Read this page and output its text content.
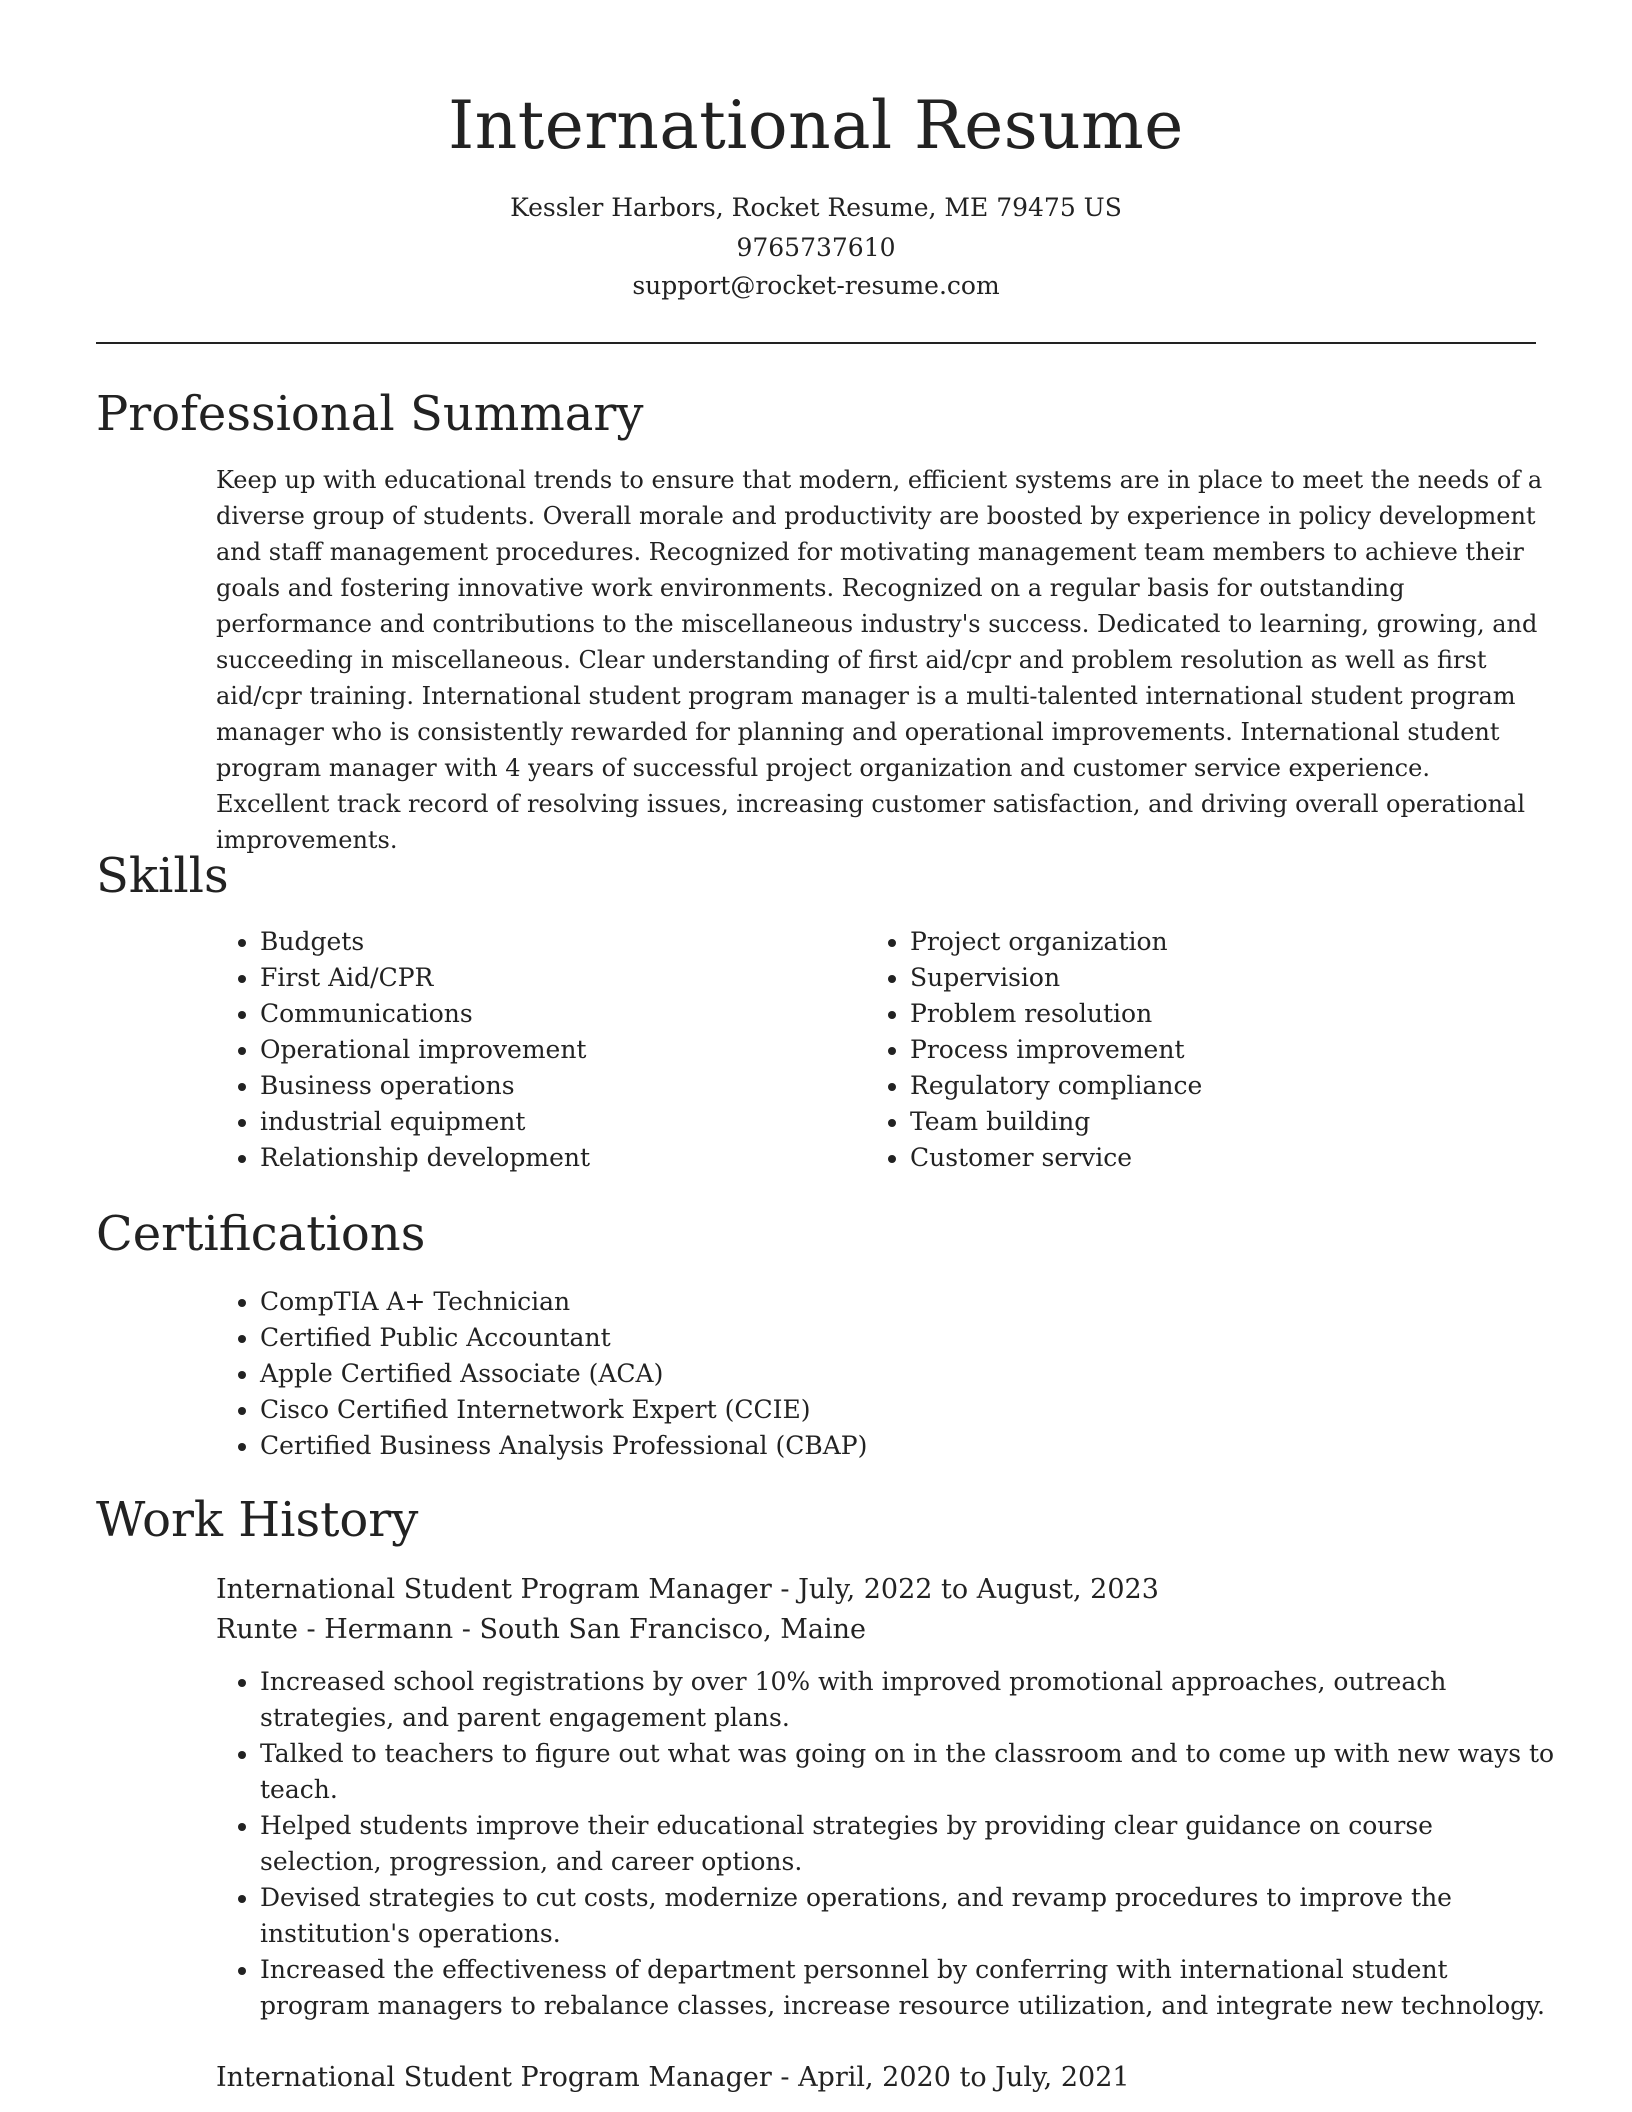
International Resume
Kessler Harbors, Rocket Resume, ME 79475 US
9765737610
support@rocket-resume.com
Professional Summary

Keep up with educational trends to ensure that modern, efficient systems are in place to meet the needs of a diverse group of students. Overall morale and productivity are boosted by experience in policy development and staff management procedures. Recognized for motivating management team members to achieve their goals and fostering innovative work environments. Recognized on a regular basis for outstanding performance and contributions to the miscellaneous industry's success. Dedicated to learning, growing, and succeeding in miscellaneous. Clear understanding of first aid/cpr and problem resolution as well as first aid/cpr training. International student program manager is a multi-talented international student program manager who is consistently rewarded for planning and operational improvements. International student program manager with 4 years of successful project organization and customer service experience. Excellent track record of resolving issues, increasing customer satisfaction, and driving overall operational improvements.

Skills
• Budgets
• First Aid/CPR
• Communications
• Operational improvement
• Business operations
• industrial equipment
• Relationship development
• Project organization
• Supervision
• Problem resolution
• Process improvement
• Regulatory compliance
• Team building
• Customer service
Certifications
• CompTIA A+ Technician
• Certified Public Accountant
• Apple Certified Associate (ACA)
• Cisco Certified Internetwork Expert (CCIE)
• Certified Business Analysis Professional (CBAP)
Work History
International Student Program Manager - July, 2022 to August, 2023
Runte - Hermann - South San Francisco, Maine
• Increased school registrations by over 10% with improved promotional approaches, outreach strategies, and parent engagement plans.
• Talked to teachers to figure out what was going on in the classroom and to come up with new ways to teach.
• Helped students improve their educational strategies by providing clear guidance on course selection, progression, and career options.
• Devised strategies to cut costs, modernize operations, and revamp procedures to improve the institution's operations.
• Increased the effectiveness of department personnel by conferring with international student program managers to rebalance classes, increase resource utilization, and integrate new technology.
International Student Program Manager - April, 2020 to July, 2021
